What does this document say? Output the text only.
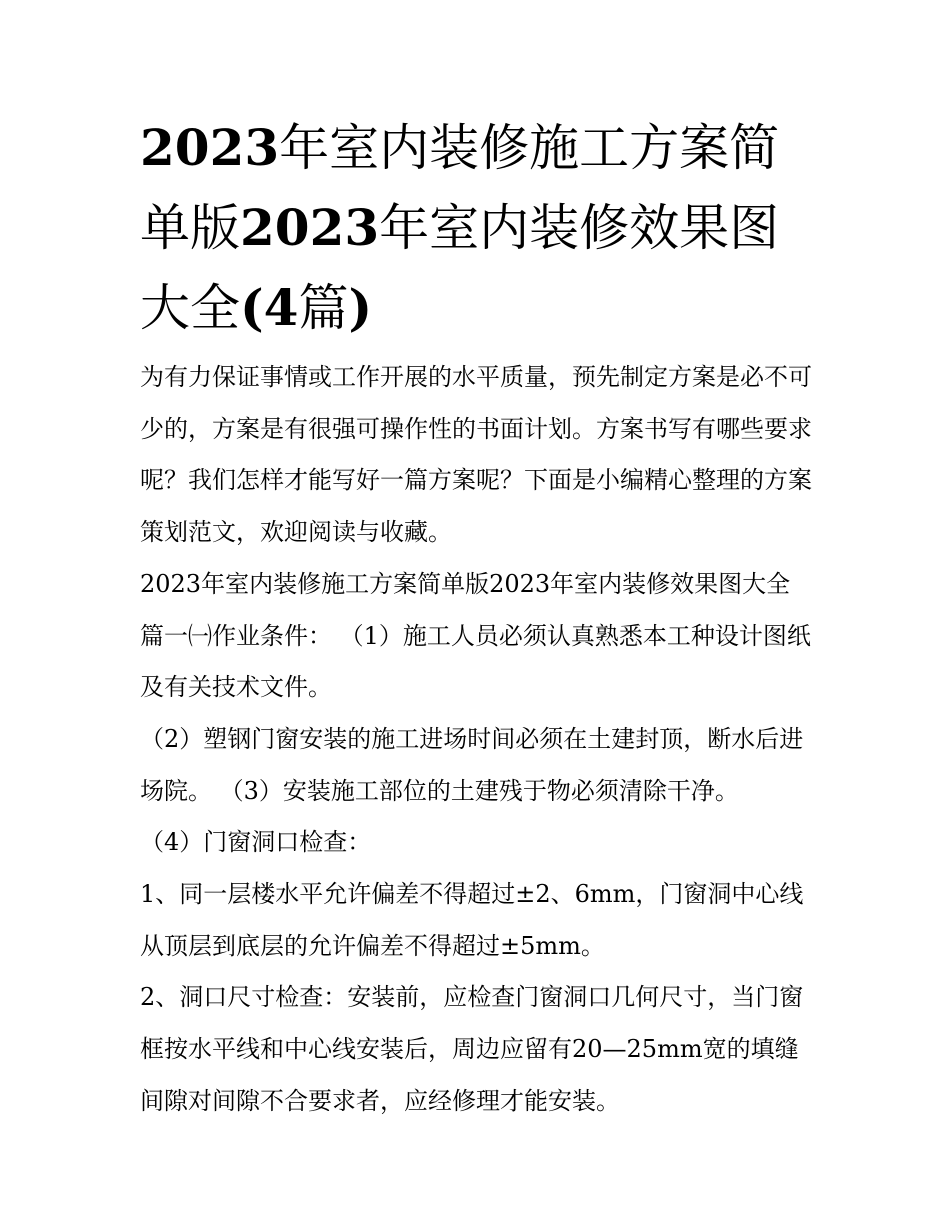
2023年室内装修施工方案简单版2023年室内装修效果图大全(4篇)

为有力保证事情或工作开展的水平质量，预先制定方案是必不可少的，方案是有很强可操作性的书面计划。方案书写有哪些要求呢？我们怎样才能写好一篇方案呢？下面是小编精心整理的方案策划范文，欢迎阅读与收藏。

2023年室内装修施工方案简单版2023年室内装修效果图大全

篇一㈠作业条件： （1）施工人员必须认真熟悉本工种设计图纸及有关技术文件。

（2）塑钢门窗安装的施工进场时间必须在土建封顶，断水后进场院。 （3）安装施工部位的土建残于物必须清除干净。

（4）门窗洞口检查：

1、同一层楼水平允许偏差不得超过±2、6mm，门窗洞中心线从顶层到底层的允许偏差不得超过±5mm。

2、洞口尺寸检查：安装前，应检查门窗洞口几何尺寸，当门窗框按水平线和中心线安装后，周边应留有20—25mm宽的填缝间隙对间隙不合要求者，应经修理才能安装。
